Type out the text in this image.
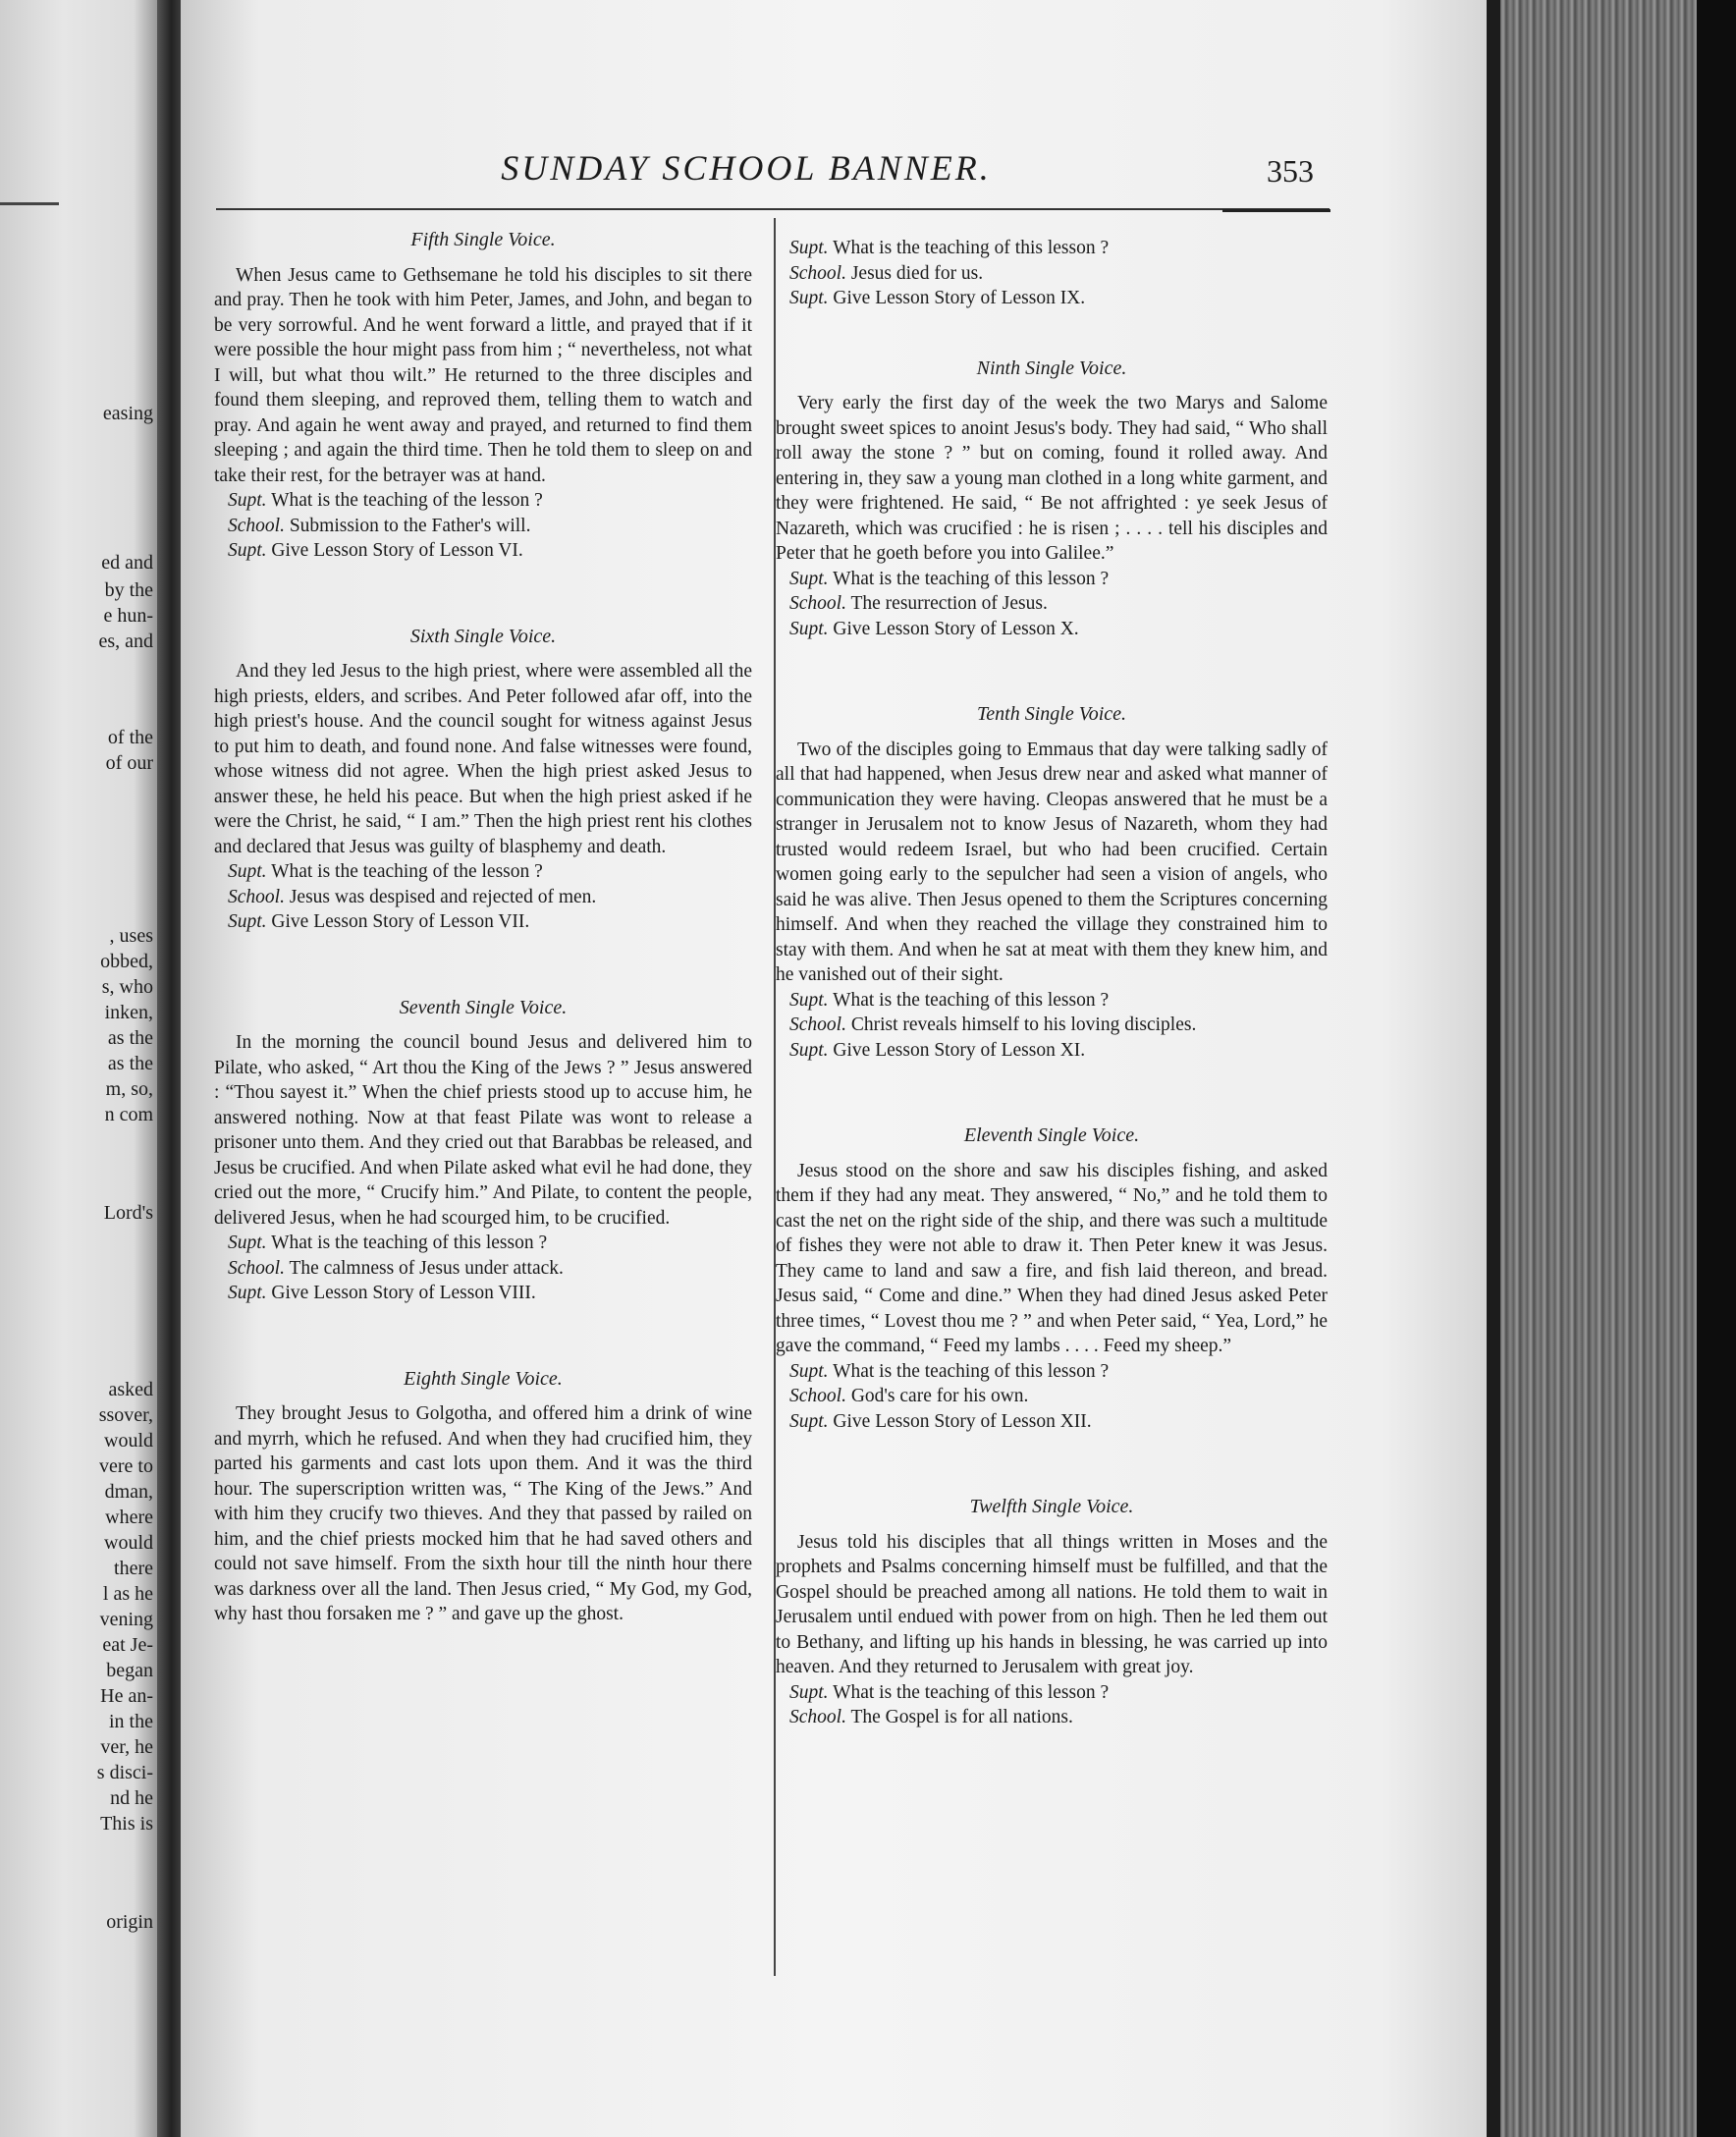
easing
ed and
by the
e hun-
es, and
of the
of our
, uses
obbed,
s, who
inken,
as the
as the
m, so,
n com
Lord's
asked
ssover,
would
vere to
dman,
where
would
there
l as he
vening
eat Je-
began
He an-
in the
ver, he
s disci-
nd he
This is
origin
SUNDAY SCHOOL BANNER.	353
Fifth Single Voice.

When Jesus came to Gethsemane he told his disciples to sit there and pray. Then he took with him Peter, James, and John, and began to be very sorrowful. And he went forward a little, and prayed that if it were possible the hour might pass from him ; “ nevertheless, not what I will, but what thou wilt.” He returned to the three disciples and found them sleeping, and reproved them, telling them to watch and pray. And again he went away and prayed, and returned to find them sleeping ; and again the third time. Then he told them to sleep on and take their rest, for the betrayer was at hand.

Supt. What is the teaching of the lesson ?
School. Submission to the Father's will.
Supt. Give Lesson Story of Lesson VI.
Sixth Single Voice.

And they led Jesus to the high priest, where were assembled all the high priests, elders, and scribes. And Peter followed afar off, into the high priest's house. And the council sought for witness against Jesus to put him to death, and found none. And false witnesses were found, whose witness did not agree. When the high priest asked Jesus to answer these, he held his peace. But when the high priest asked if he were the Christ, he said, “ I am.” Then the high priest rent his clothes and declared that Jesus was guilty of blasphemy and death.

Supt. What is the teaching of the lesson ?
School. Jesus was despised and rejected of men.
Supt. Give Lesson Story of Lesson VII.
Seventh Single Voice.

In the morning the council bound Jesus and delivered him to Pilate, who asked, “ Art thou the King of the Jews ? ” Jesus answered : “Thou sayest it.” When the chief priests stood up to accuse him, he answered nothing. Now at that feast Pilate was wont to release a prisoner unto them. And they cried out that Barabbas be released, and Jesus be crucified. And when Pilate asked what evil he had done, they cried out the more, “ Crucify him.” And Pilate, to content the people, delivered Jesus, when he had scourged him, to be crucified.

Supt. What is the teaching of this lesson ?
School. The calmness of Jesus under attack.
Supt. Give Lesson Story of Lesson VIII.
Eighth Single Voice.

They brought Jesus to Golgotha, and offered him a drink of wine and myrrh, which he refused. And when they had crucified him, they parted his garments and cast lots upon them. And it was the third hour. The superscription written was, “ The King of the Jews.” And with him they crucify two thieves. And they that passed by railed on him, and the chief priests mocked him that he had saved others and could not save himself. From the sixth hour till the ninth hour there was darkness over all the land. Then Jesus cried, “ My God, my God, why hast thou forsaken me ? ” and gave up the ghost.

Supt. What is the teaching of this lesson ?
School. Jesus died for us.
Supt. Give Lesson Story of Lesson IX.
Ninth Single Voice.

Very early the first day of the week the two Marys and Salome brought sweet spices to anoint Jesus's body. They had said, “ Who shall roll away the stone ? ” but on coming, found it rolled away. And entering in, they saw a young man clothed in a long white garment, and they were frightened. He said, “ Be not affrighted : ye seek Jesus of Nazareth, which was crucified : he is risen ; . . . . tell his disciples and Peter that he goeth before you into Galilee.”

Supt. What is the teaching of this lesson ?
School. The resurrection of Jesus.
Supt. Give Lesson Story of Lesson X.
Tenth Single Voice.

Two of the disciples going to Emmaus that day were talking sadly of all that had happened, when Jesus drew near and asked what manner of communication they were having. Cleopas answered that he must be a stranger in Jerusalem not to know Jesus of Nazareth, whom they had trusted would redeem Israel, but who had been crucified. Certain women going early to the sepulcher had seen a vision of angels, who said he was alive. Then Jesus opened to them the Scriptures concerning himself. And when they reached the village they constrained him to stay with them. And when he sat at meat with them they knew him, and he vanished out of their sight.

Supt. What is the teaching of this lesson ?
School. Christ reveals himself to his loving disciples.
Supt. Give Lesson Story of Lesson XI.
Eleventh Single Voice.

Jesus stood on the shore and saw his disciples fishing, and asked them if they had any meat. They answered, “ No,” and he told them to cast the net on the right side of the ship, and there was such a multitude of fishes they were not able to draw it. Then Peter knew it was Jesus. They came to land and saw a fire, and fish laid thereon, and bread. Jesus said, “ Come and dine.” When they had dined Jesus asked Peter three times, “ Lovest thou me ? ” and when Peter said, “ Yea, Lord,” he gave the command, “ Feed my lambs . . . . Feed my sheep.”

Supt. What is the teaching of this lesson ?
School. God's care for his own.
Supt. Give Lesson Story of Lesson XII.
Twelfth Single Voice.

Jesus told his disciples that all things written in Moses and the prophets and Psalms concerning himself must be fulfilled, and that the Gospel should be preached among all nations. He told them to wait in Jerusalem until endued with power from on high. Then he led them out to Bethany, and lifting up his hands in blessing, he was carried up into heaven. And they returned to Jerusalem with great joy.

Supt. What is the teaching of this lesson ?
School. The Gospel is for all nations.
